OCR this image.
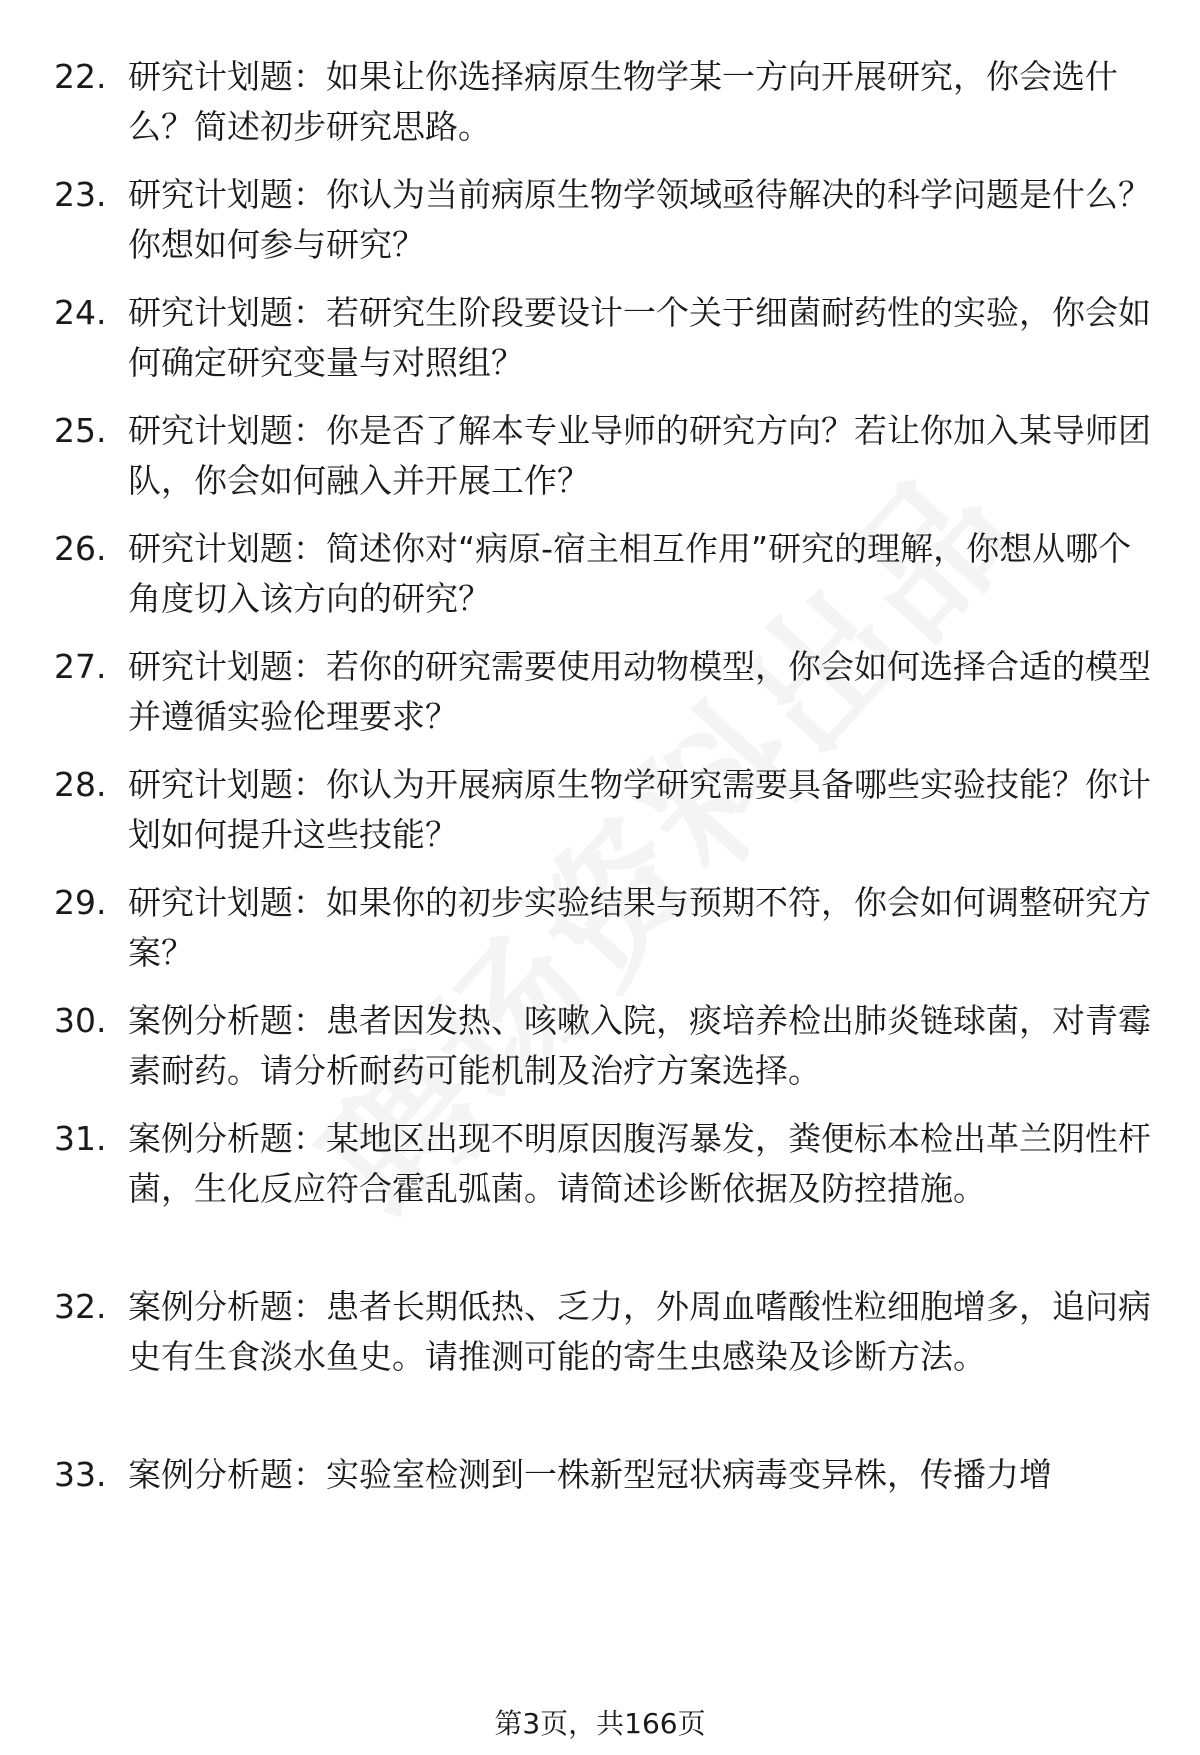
22. 研究计划题：如果让你选择病原生物学某一方向开展研究，你会选什么？简述初步研究思路。
23. 研究计划题：你认为当前病原生物学领域亟待解决的科学问题是什么？你想如何参与研究？
24. 研究计划题：若研究生阶段要设计一个关于细菌耐药性的实验，你会如何确定研究变量与对照组？
25. 研究计划题：你是否了解本专业导师的研究方向？若让你加入某导师团队，你会如何融入并开展工作？
26. 研究计划题：简述你对“病原-宿主相互作用”研究的理解，你想从哪个角度切入该方向的研究？
27. 研究计划题：若你的研究需要使用动物模型，你会如何选择合适的模型并遵循实验伦理要求？
28. 研究计划题：你认为开展病原生物学研究需要具备哪些实验技能？你计划如何提升这些技能？
29. 研究计划题：如果你的初步实验结果与预期不符，你会如何调整研究方案？
30. 案例分析题：患者因发热、咳嗽入院，痰培养检出肺炎链球菌，对青霉素耐药。请分析耐药可能机制及治疗方案选择。
31. 案例分析题：某地区出现不明原因腹泻暴发，粪便标本检出革兰阴性杆菌，生化反应符合霍乱弧菌。请简述诊断依据及防控措施。
32. 案例分析题：患者长期低热、乏力，外周血嗜酸性粒细胞增多，追问病史有生食淡水鱼史。请推测可能的寄生虫感染及诊断方法。
33. 案例分析题：实验室检测到一株新型冠状病毒变异株，传播力增
第3页，共166页
